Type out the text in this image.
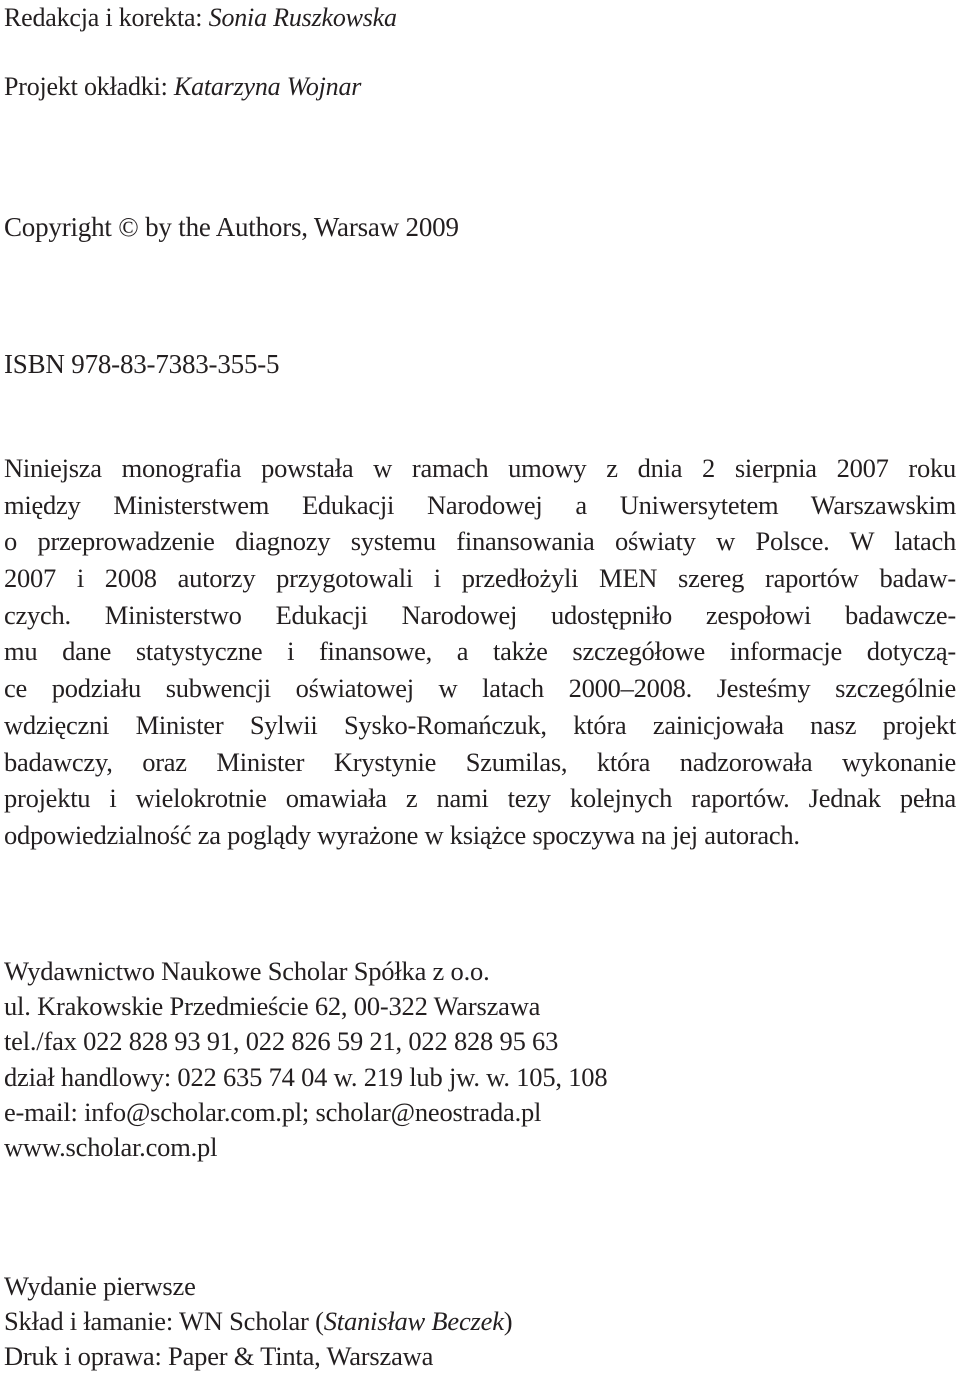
Redakcja i korekta: Sonia Ruszkowska
Projekt okładki: Katarzyna Wojnar
Copyright © by the Authors, Warsaw 2009
ISBN 978-83-7383-355-5
Niniejsza monografia powstała w ramach umowy z dnia 2 sierpnia 2007 roku
między Ministerstwem Edukacji Narodowej a Uniwersytetem Warszawskim
o przeprowadzenie diagnozy systemu finansowania oświaty w Polsce. W latach
2007 i 2008 autorzy przygotowali i przedłożyli MEN szereg raportów badaw-
czych. Ministerstwo Edukacji Narodowej udostępniło zespołowi badawcze-
mu dane statystyczne i finansowe, a także szczegółowe informacje dotyczą-
ce podziału subwencji oświatowej w latach 2000–2008. Jesteśmy szczególnie
wdzięczni Minister Sylwii Sysko-Romańczuk, która zainicjowała nasz projekt
badawczy, oraz Minister Krystynie Szumilas, która nadzorowała wykonanie
projektu i wielokrotnie omawiała z nami tezy kolejnych raportów. Jednak pełna
odpowiedzialność za poglądy wyrażone w książce spoczywa na jej autorach.
Wydawnictwo Naukowe Scholar Spółka z o.o.
ul. Krakowskie Przedmieście 62, 00-322 Warszawa
tel./fax 022 828 93 91, 022 826 59 21, 022 828 95 63
dział handlowy: 022 635 74 04 w. 219 lub jw. w. 105, 108
e-mail: info@scholar.com.pl; scholar@neostrada.pl
www.scholar.com.pl
Wydanie pierwsze
Skład i łamanie: WN Scholar (Stanisław Beczek)
Druk i oprawa: Paper & Tinta, Warszawa
